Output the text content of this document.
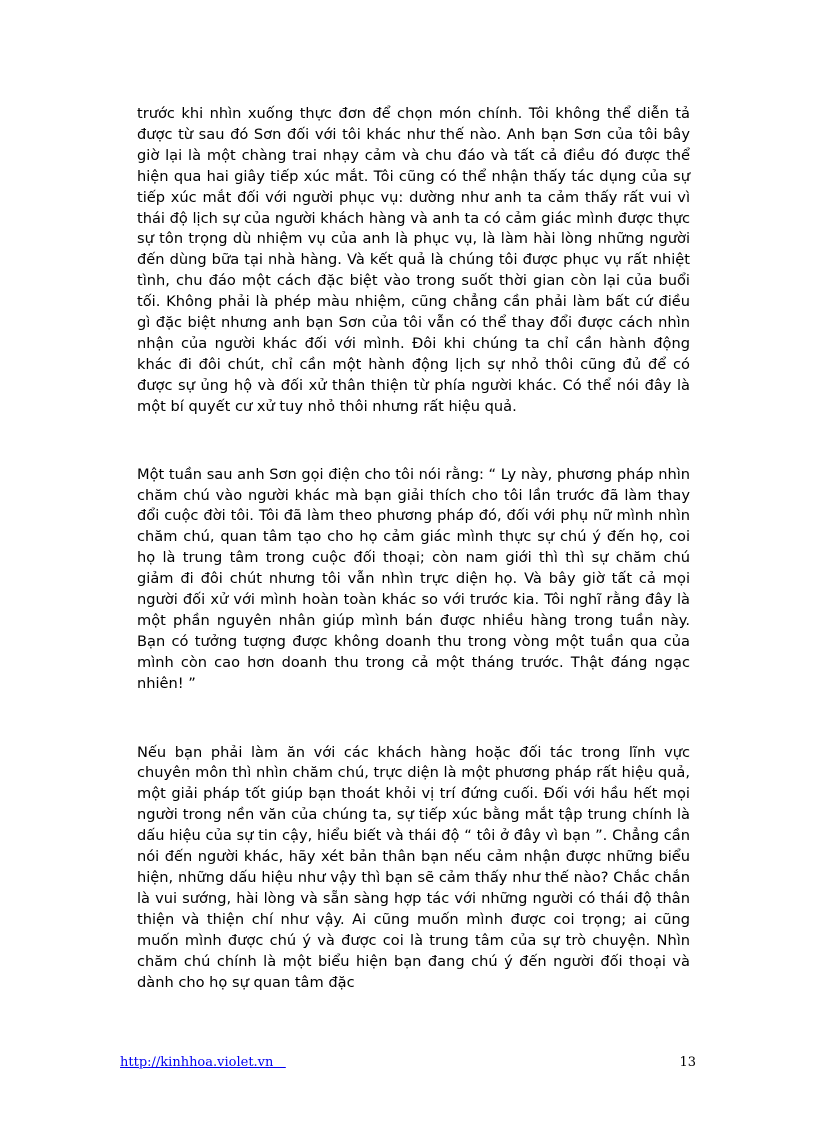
trước khi nhìn xuống thực đơn để chọn món chính. Tôi không thể diễn tả được từ sau đó Sơn đối với tôi khác như thế nào. Anh bạn Sơn của tôi bây giờ lại là một chàng trai nhạy cảm và chu đáo và tất cả điều đó được thể hiện qua hai giây tiếp xúc mắt. Tôi cũng có thể nhận thấy tác dụng của sự tiếp xúc mắt đối với người phục vụ: dường như anh ta cảm thấy rất vui vì thái độ lịch sự của người khách hàng và anh ta có cảm giác mình được thực sự tôn trọng dù nhiệm vụ của anh là phục vụ, là làm hài lòng những người đến dùng bữa tại nhà hàng. Và kết quả là chúng tôi được phục vụ rất nhiệt tình, chu đáo một cách đặc biệt vào trong suốt thời gian còn lại của buổi tối. Không phải là phép màu nhiệm, cũng chẳng cần phải làm bất cứ điều gì đặc biệt nhưng anh bạn Sơn của tôi vẫn có thể thay đổi được cách nhìn nhận của người khác đối với mình. Đôi khi chúng ta chỉ cần hành động khác đi đôi chút, chỉ cần một hành động lịch sự nhỏ thôi cũng đủ để có được sự ủng hộ và đối xử thân thiện từ phía người khác. Có thể nói đây là một bí quyết cư xử tuy nhỏ thôi nhưng rất hiệu quả.

Một tuần sau anh Sơn gọi điện cho tôi nói rằng: “ Ly này, phương pháp nhìn chăm chú vào người khác mà bạn giải thích cho tôi lần trước đã làm thay đổi cuộc đời tôi. Tôi đã làm theo phương pháp đó, đối với phụ nữ mình nhìn chăm chú, quan tâm tạo cho họ cảm giác mình thực sự chú ý đến họ, coi họ là trung tâm trong cuộc đối thoại; còn nam giới thì thì sự chăm chú giảm đi đôi chút nhưng tôi vẫn nhìn trực diện họ. Và bây giờ tất cả mọi người đối xử với mình hoàn toàn khác so với trước kia. Tôi nghĩ rằng đây là một phần nguyên nhân giúp mình bán được nhiều hàng trong tuần này. Bạn có tưởng tượng được không doanh thu trong vòng một tuần qua của mình còn cao hơn doanh thu trong cả một tháng trước. Thật đáng ngạc nhiên! ”

Nếu bạn phải làm ăn với các khách hàng hoặc đối tác trong lĩnh vực chuyên môn thì nhìn chăm chú, trực diện là một phương pháp rất hiệu quả, một giải pháp tốt giúp bạn thoát khỏi vị trí đứng cuối. Đối với hầu hết mọi người trong nền văn của chúng ta, sự tiếp xúc bằng mắt tập trung chính là dấu hiệu của sự tin cậy, hiểu biết và thái độ “ tôi ở đây vì bạn ”. Chẳng cần nói đến người khác, hãy xét bản thân bạn nếu cảm nhận được những biểu hiện, những dấu hiệu như vậy thì bạn sẽ cảm thấy như thế nào? Chắc chắn là vui sướng, hài lòng và sẵn sàng hợp tác với những người có thái độ thân thiện và thiện chí như vậy. Ai cũng muốn mình được coi trọng; ai cũng muốn mình được chú ý và được coi là trung tâm của sự trò chuyện. Nhìn chăm chú chính là một biểu hiện bạn đang chú ý đến người đối thoại và dành cho họ sự quan tâm đặc

http://kinhhoa.violet.vn	13
